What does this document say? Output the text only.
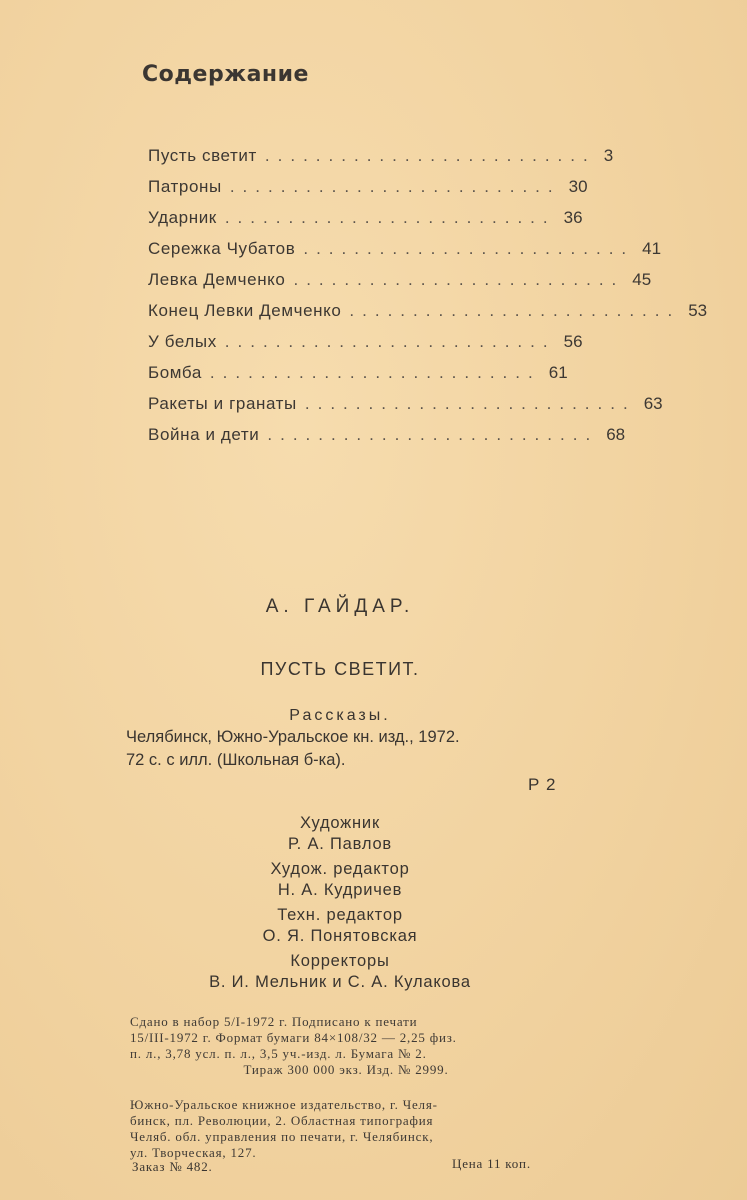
Содержание
Пусть светит .......................... 3
Патроны .......................... 30
Ударник .......................... 36
Сережка Чубатов .......................... 41
Левка Демченко .......................... 45
Конец Левки Демченко .......................... 53
У белых .......................... 56
Бомба .......................... 61
Ракеты и гранаты .......................... 63
Война и дети .......................... 68
А. ГАЙДАР.
ПУСТЬ СВЕТИТ.
Рассказы.
Челябинск, Южно-Уральское кн. изд., 1972.
72 с. с илл. (Школьная б-ка).
Р 2
Художник
Р. А. Павлов
Худож. редактор
Н. А. Кудричев
Техн. редактор
О. Я. Понятовская
Корректоры
В. И. Мельник и С. А. Кулакова
Сдано в набор 5/I-1972 г. Подписано к печати
15/III-1972 г. Формат бумаги 84×108/32 — 2,25 физ.
п. л., 3,78 усл. п. л., 3,5 уч.-изд. л. Бумага № 2.
Тираж 300 000 экз. Изд. № 2999.
Южно-Уральское книжное издательство, г. Челя-
бинск, пл. Революции, 2. Областная типография
Челяб. обл. управления по печати, г. Челябинск,
ул. Творческая, 127.
Заказ № 482.	Цена 11 коп.
